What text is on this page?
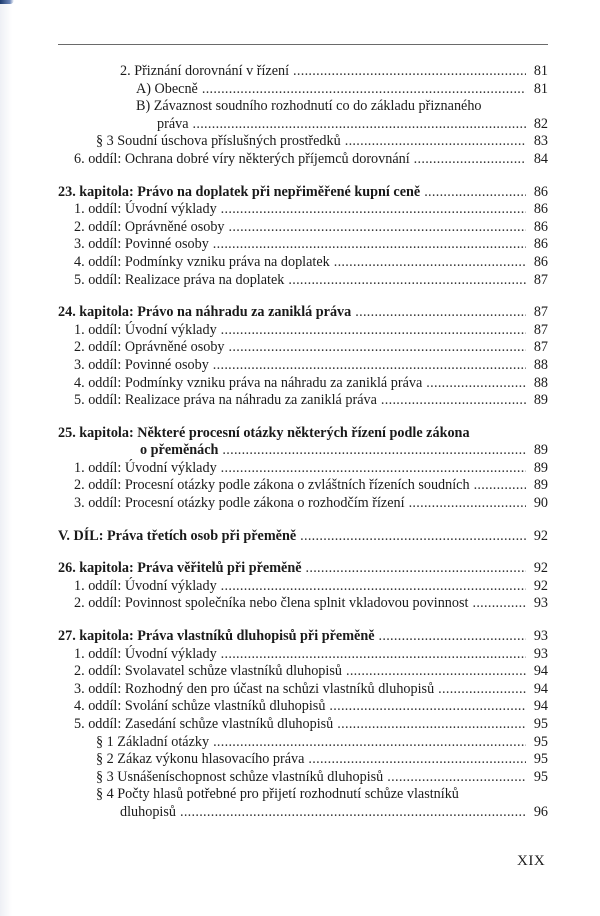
2. Přiznání dorovnání v řízení .....	81
A) Obecně .....	81
B) Závaznost soudního rozhodnutí co do základu přiznaného
práva .....	82
§ 3 Soudní úschova příslušných prostředků .....	83
6. oddíl: Ochrana dobré víry některých příjemců dorovnání .....	84
23. kapitola: Právo na doplatek při nepřiměřené kupní ceně .....	86
1. oddíl: Úvodní výklady .....	86
2. oddíl: Oprávněné osoby .....	86
3. oddíl: Povinné osoby .....	86
4. oddíl: Podmínky vzniku práva na doplatek .....	86
5. oddíl: Realizace práva na doplatek .....	87
24. kapitola: Právo na náhradu za zaniklá práva .....	87
1. oddíl: Úvodní výklady .....	87
2. oddíl: Oprávněné osoby .....	87
3. oddíl: Povinné osoby .....	88
4. oddíl: Podmínky vzniku práva na náhradu za zaniklá práva .....	88
5. oddíl: Realizace práva na náhradu za zaniklá práva .....	89
25. kapitola: Některé procesní otázky některých řízení podle zákona
o přeměnách .....	89
1. oddíl: Úvodní výklady .....	89
2. oddíl: Procesní otázky podle zákona o zvláštních řízeních soudních .....	89
3. oddíl: Procesní otázky podle zákona o rozhodčím řízení .....	90
V. DÍL: Práva třetích osob při přeměně .....	92
26. kapitola: Práva věřitelů při přeměně .....	92
1. oddíl: Úvodní výklady .....	92
2. oddíl: Povinnost společníka nebo člena splnit vkladovou povinnost .....	93
27. kapitola: Práva vlastníků dluhopisů při přeměně .....	93
1. oddíl: Úvodní výklady .....	93
2. oddíl: Svolavatel schůze vlastníků dluhopisů .....	94
3. oddíl: Rozhodný den pro účast na schůzi vlastníků dluhopisů .....	94
4. oddíl: Svolání schůze vlastníků dluhopisů .....	94
5. oddíl: Zasedání schůze vlastníků dluhopisů .....	95
§ 1 Základní otázky .....	95
§ 2 Zákaz výkonu hlasovacího práva .....	95
§ 3 Usnášeníschopnost schůze vlastníků dluhopisů .....	95
§ 4 Počty hlasů potřebné pro přijetí rozhodnutí schůze vlastníků
dluhopisů .....	96
XIX
